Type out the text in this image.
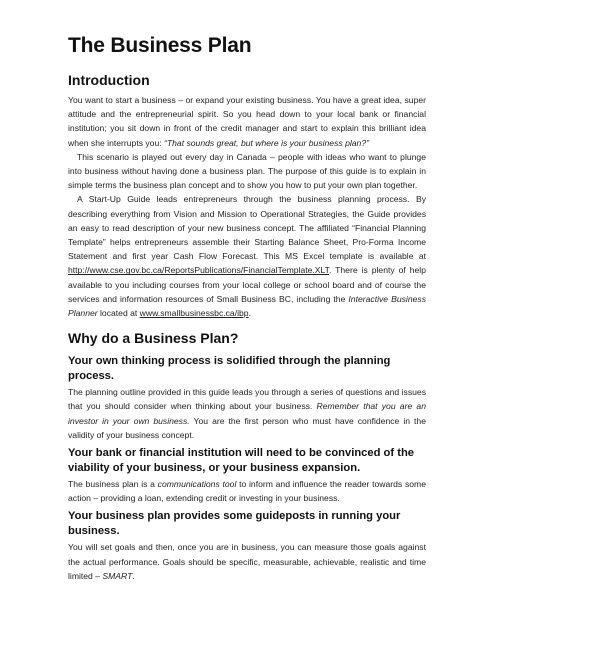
The Business Plan
Introduction

You want to start a business – or expand your existing business. You have a great idea, super attitude and the entrepreneurial spirit. So you head down to your local bank or financial institution; you sit down in front of the credit manager and start to explain this brilliant idea when she interrupts you: “That sounds great, but where is your business plan?”

This scenario is played out every day in Canada – people with ideas who want to plunge into business without having done a business plan. The purpose of this guide is to explain in simple terms the business plan concept and to show you how to put your own plan together.

A Start-Up Guide leads entrepreneurs through the business planning process. By describing everything from Vision and Mission to Operational Strategies, the Guide provides an easy to read description of your new business concept. The affiliated “Financial Planning Template” helps entrepreneurs assemble their Starting Balance Sheet, Pro-Forma Income Statement and first year Cash Flow Forecast. This MS Excel template is available at http://www.cse.gov.bc.ca/ReportsPublications/FinancialTemplate.XLT. There is plenty of help available to you including courses from your local college or school board and of course the services and information resources of Small Business BC, including the Interactive Business Planner located at www.smallbusinessbc.ca/ibp.

Why do a Business Plan?
Your own thinking process is solidified through the planning process.

The planning outline provided in this guide leads you through a series of questions and issues that you should consider when thinking about your business. Remember that you are an investor in your own business. You are the first person who must have confidence in the validity of your business concept.

Your bank or financial institution will need to be convinced of the viability of your business, or your business expansion.

The business plan is a communications tool to inform and influence the reader towards some action – providing a loan, extending credit or investing in your business.

Your business plan provides some guideposts in running your business.

You will set goals and then, once you are in business, you can measure those goals against the actual performance. Goals should be specific, measurable, achievable, realistic and time limited – SMART.
